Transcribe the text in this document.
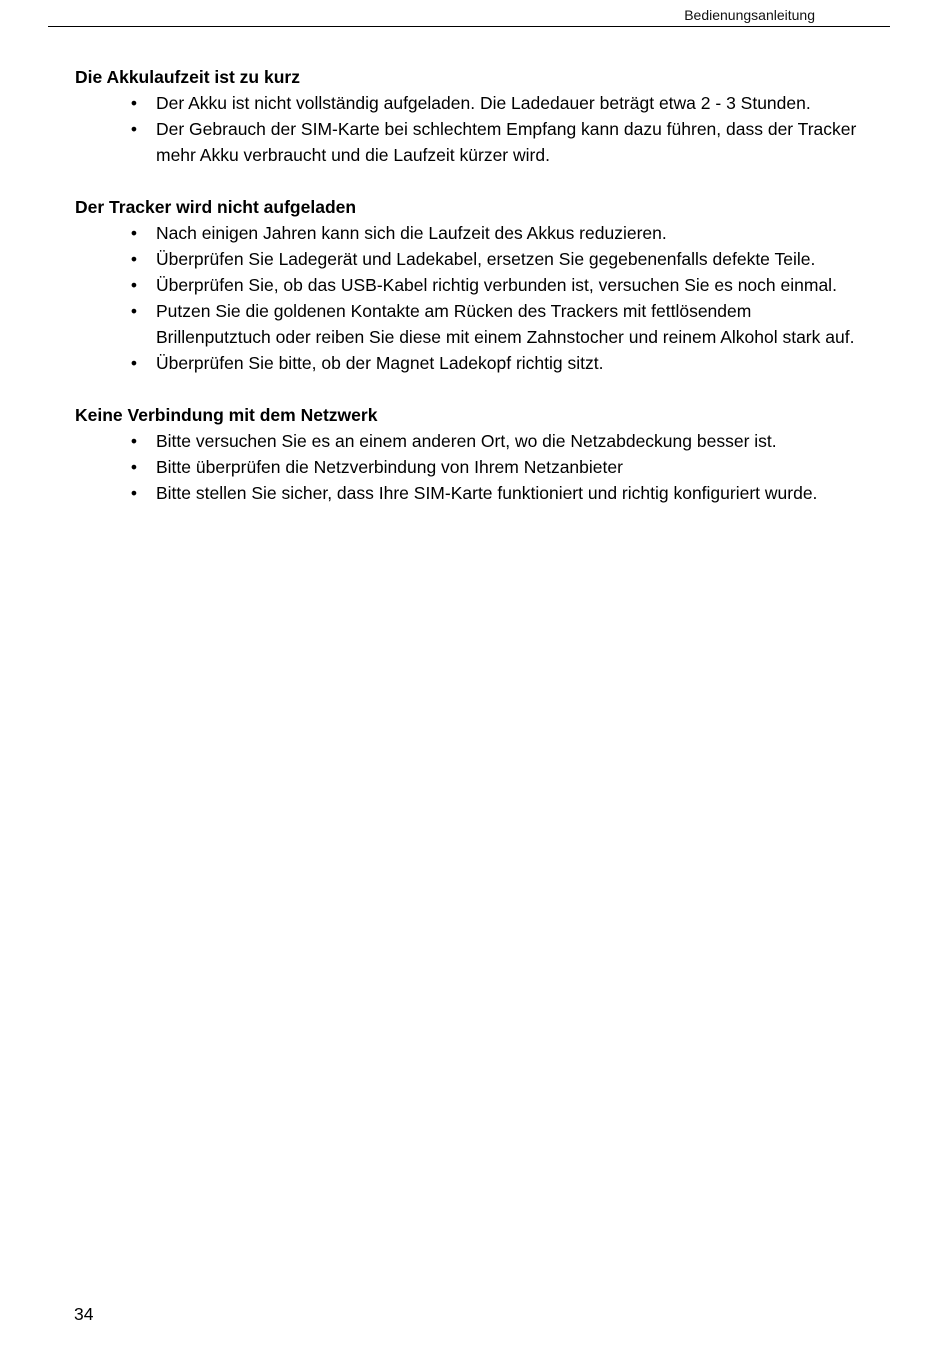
Bedienungsanleitung
Die Akkulaufzeit ist zu kurz
• Der Akku ist nicht vollständig aufgeladen. Die Ladedauer beträgt etwa 2 - 3 Stunden.
• Der Gebrauch der SIM-Karte bei schlechtem Empfang kann dazu führen, dass der Tracker
mehr Akku verbraucht und die Laufzeit kürzer wird.
Der Tracker wird nicht aufgeladen
• Nach einigen Jahren kann sich die Laufzeit des Akkus reduzieren.
• Überprüfen Sie Ladegerät und Ladekabel, ersetzen Sie gegebenenfalls defekte Teile.
• Überprüfen Sie, ob das USB-Kabel richtig verbunden ist, versuchen Sie es noch einmal.
• Putzen Sie die goldenen Kontakte am Rücken des Trackers mit fettlösendem
Brillenputztuch oder reiben Sie diese mit einem Zahnstocher und reinem Alkohol stark auf.
• Überprüfen Sie bitte, ob der Magnet Ladekopf richtig sitzt.
Keine Verbindung mit dem Netzwerk
• Bitte versuchen Sie es an einem anderen Ort, wo die Netzabdeckung besser ist.
• Bitte überprüfen die Netzverbindung von Ihrem Netzanbieter
• Bitte stellen Sie sicher, dass Ihre SIM-Karte funktioniert und richtig konfiguriert wurde.
34
